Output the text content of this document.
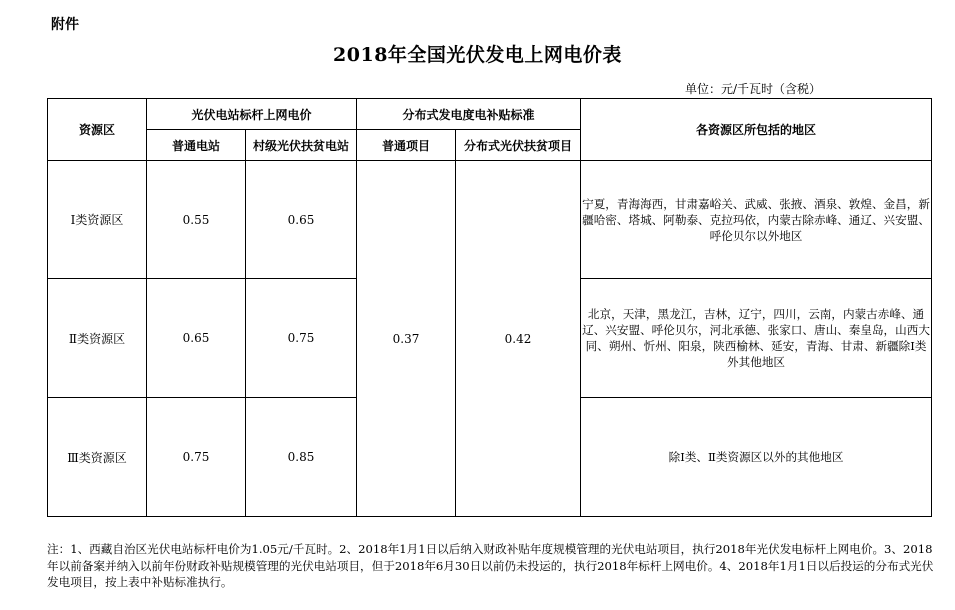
附件
2018年全国光伏发电上网电价表
单位：元/千瓦时（含税）
资源区	光伏电站标杆上网电价		分布式发电度电补贴标准		各资源区所包括的地区
	普通电站	村级光伏扶贫电站	普通项目	分布式光伏扶贫项目	
Ⅰ类资源区	0.55	0.65	0.37	0.42	宁夏，青海海西，甘肃嘉峪关、武威、张掖、酒泉、敦煌、金昌，新疆哈密、塔城、阿勒泰、克拉玛依，内蒙古除赤峰、通辽、兴安盟、呼伦贝尔以外地区
Ⅱ类资源区	0.65	0.75			北京，天津，黑龙江，吉林，辽宁，四川，云南，内蒙古赤峰、通辽、兴安盟、呼伦贝尔，河北承德、张家口、唐山、秦皇岛，山西大同、朔州、忻州、阳泉，陕西榆林、延安，青海、甘肃、新疆除Ⅰ类外其他地区
Ⅲ类资源区	0.75	0.85			除Ⅰ类、Ⅱ类资源区以外的其他地区
注：1、西藏自治区光伏电站标杆电价为1.05元/千瓦时。2、2018年1月1日以后纳入财政补贴年度规模管理的光伏电站项目，执行2018年光伏发电标杆上网电价。3、2018年以前备案并纳入以前年份财政补贴规模管理的光伏电站项目，但于2018年6月30日以前仍未投运的，执行2018年标杆上网电价。4、2018年1月1日以后投运的分布式光伏发电项目，按上表中补贴标准执行。
